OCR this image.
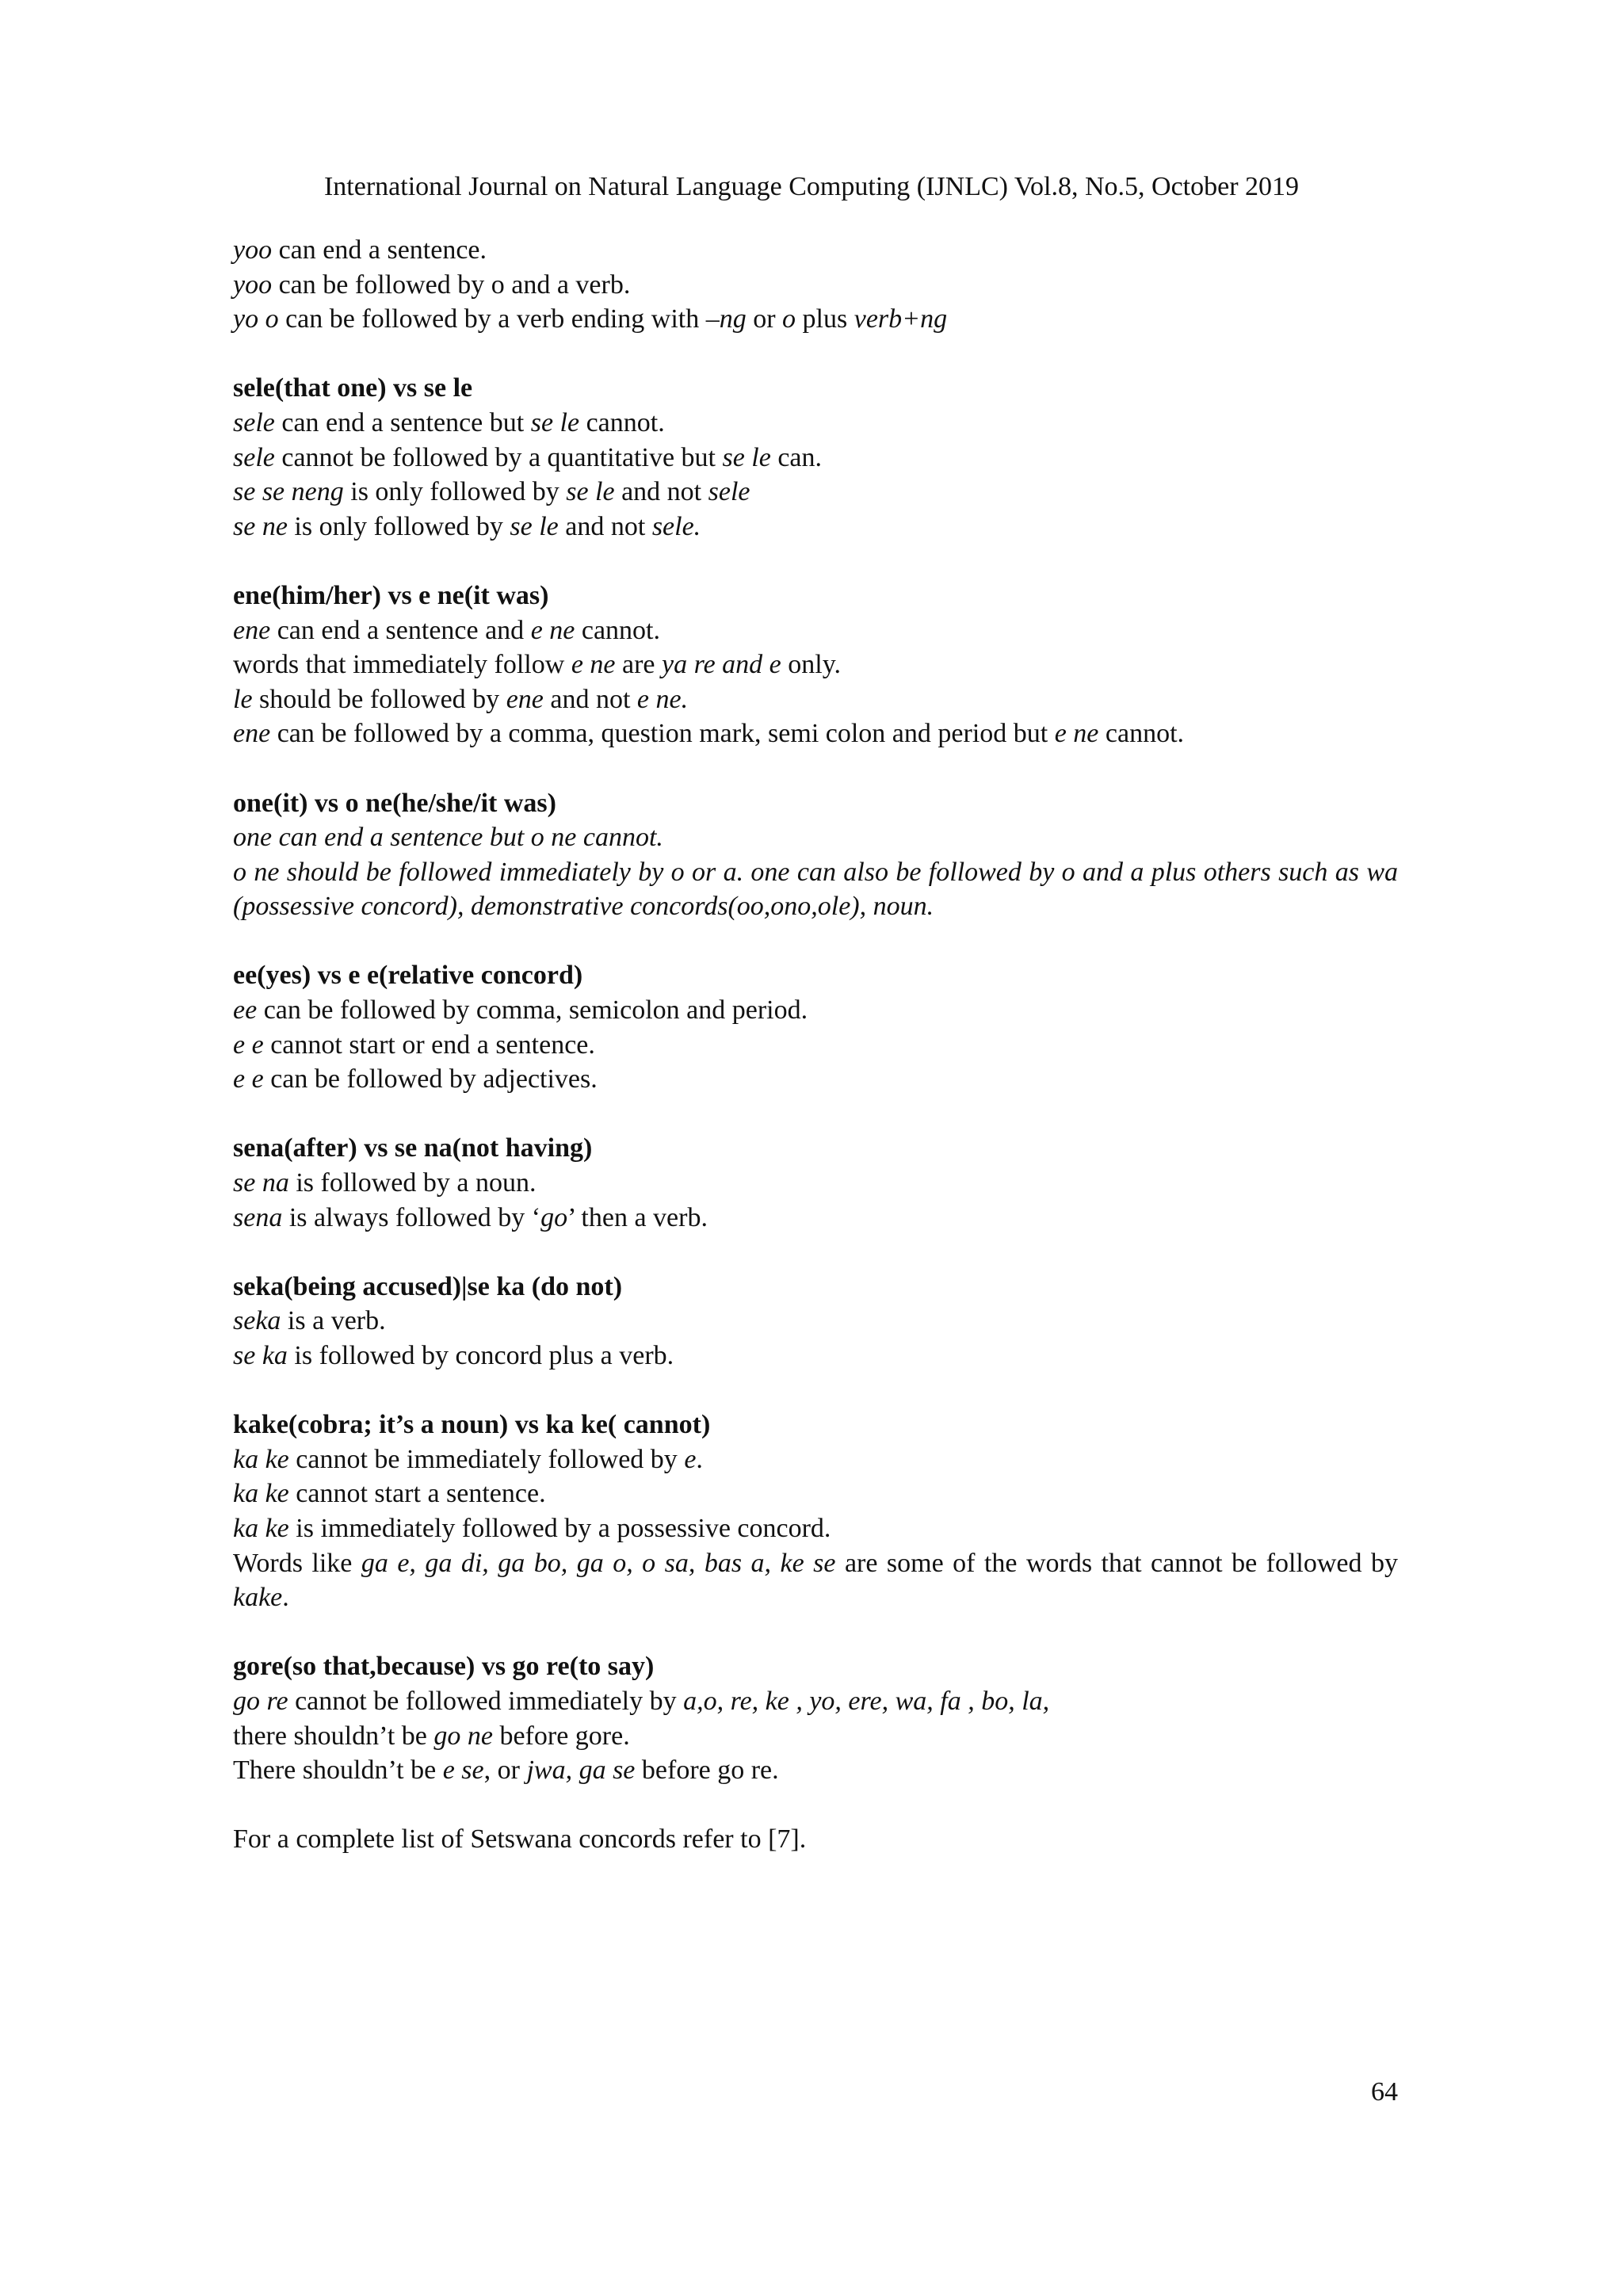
International Journal on Natural Language Computing (IJNLC) Vol.8, No.5, October 2019

yoo can end a sentence.

yoo can be followed by o and a verb.

yo o can be followed by a verb ending with –ng or o plus verb+ng

sele(that one) vs se le

sele can end a sentence but se le cannot.

sele cannot be followed by a quantitative but se le can.

se se neng is only followed by se le and not sele

se ne is only followed by se le and not sele.

ene(him/her) vs e ne(it was)

ene can end a sentence and e ne cannot.

words that immediately follow e ne are ya re and e only.

le should be followed by ene and not e ne.

ene can be followed by a comma, question mark, semi colon and period but e ne cannot.

one(it) vs o ne(he/she/it was)

one can end a sentence but o ne cannot.

o ne should be followed immediately by o or a. one can also be followed by o and a plus others such as wa (possessive concord), demonstrative concords(oo,ono,ole), noun.

ee(yes) vs e e(relative concord)

ee can be followed by comma, semicolon and period.

e e cannot start or end a sentence.

e e can be followed by adjectives.

sena(after) vs se na(not having)

se na is followed by a noun.

sena is always followed by ‘go’ then a verb.

seka(being accused)|se ka (do not)

seka is a verb.

se ka is followed by concord plus a verb.

kake(cobra; it’s a noun) vs ka ke( cannot)

ka ke cannot be immediately followed by e.

ka ke cannot start a sentence.

ka ke is immediately followed by a possessive concord.

Words like ga e, ga di, ga bo, ga o, o sa, bas a, ke se are some of the words that cannot be followed by kake.

gore(so that,because) vs go re(to say)

go re cannot be followed immediately by a,o, re, ke , yo, ere, wa, fa , bo, la,

there shouldn’t be go ne before gore.

There shouldn’t be e se, or jwa, ga se before go re.

For a complete list of Setswana concords refer to [7].

64
